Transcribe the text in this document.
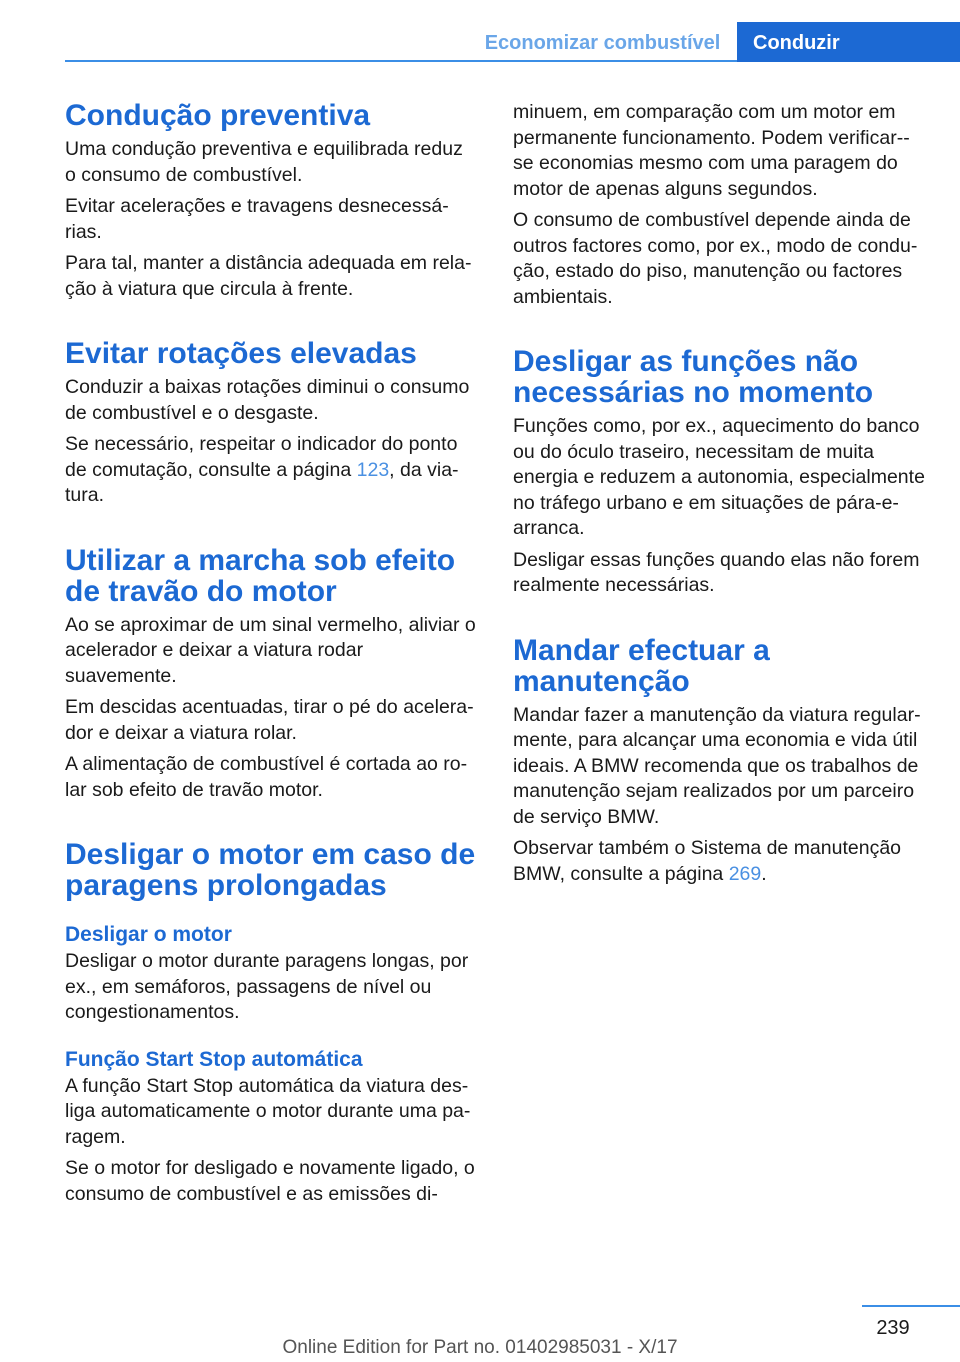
Economizar combustível	Conduzir
Condução preventiva

Uma condução preventiva e equilibrada reduz o consumo de combustível.

Evitar acelerações e travagens desnecessárias.

Para tal, manter a distância adequada em relação à viatura que circula à frente.

Evitar rotações elevadas

Conduzir a baixas rotações diminui o consumo de combustível e o desgaste.

Se necessário, respeitar o indicador do ponto de comutação, consulte a página 123, da viatura.

Utilizar a marcha sob efeito de travão do motor

Ao se aproximar de um sinal vermelho, aliviar o acelerador e deixar a viatura rodar suavemente.

Em descidas acentuadas, tirar o pé do acelerador e deixar a viatura rolar.

A alimentação de combustível é cortada ao rolar sob efeito de travão motor.

Desligar o motor em caso de paragens prolongadas
Desligar o motor

Desligar o motor durante paragens longas, por ex., em semáforos, passagens de nível ou congestionamentos.

Função Start Stop automática

A função Start Stop automática da viatura desliga automaticamente o motor durante uma paragem.

Se o motor for desligado e novamente ligado, o consumo de combustível e as emissões di-

minuem, em comparação com um motor em permanente funcionamento. Podem verificar--se economias mesmo com uma paragem do motor de apenas alguns segundos.

O consumo de combustível depende ainda de outros factores como, por ex., modo de condução, estado do piso, manutenção ou factores ambientais.

Desligar as funções não necessárias no momento

Funções como, por ex., aquecimento do banco ou do óculo traseiro, necessitam de muita energia e reduzem a autonomia, especialmente no tráfego urbano e em situações de pára-e-arranca.

Desligar essas funções quando elas não forem realmente necessárias.

Mandar efectuar a manutenção

Mandar fazer a manutenção da viatura regularmente, para alcançar uma economia e vida útil ideais. A BMW recomenda que os trabalhos de manutenção sejam realizados por um parceiro de serviço BMW.

Observar também o Sistema de manutenção BMW, consulte a página 269.

239
Online Edition for Part no. 01402985031 - X/17
